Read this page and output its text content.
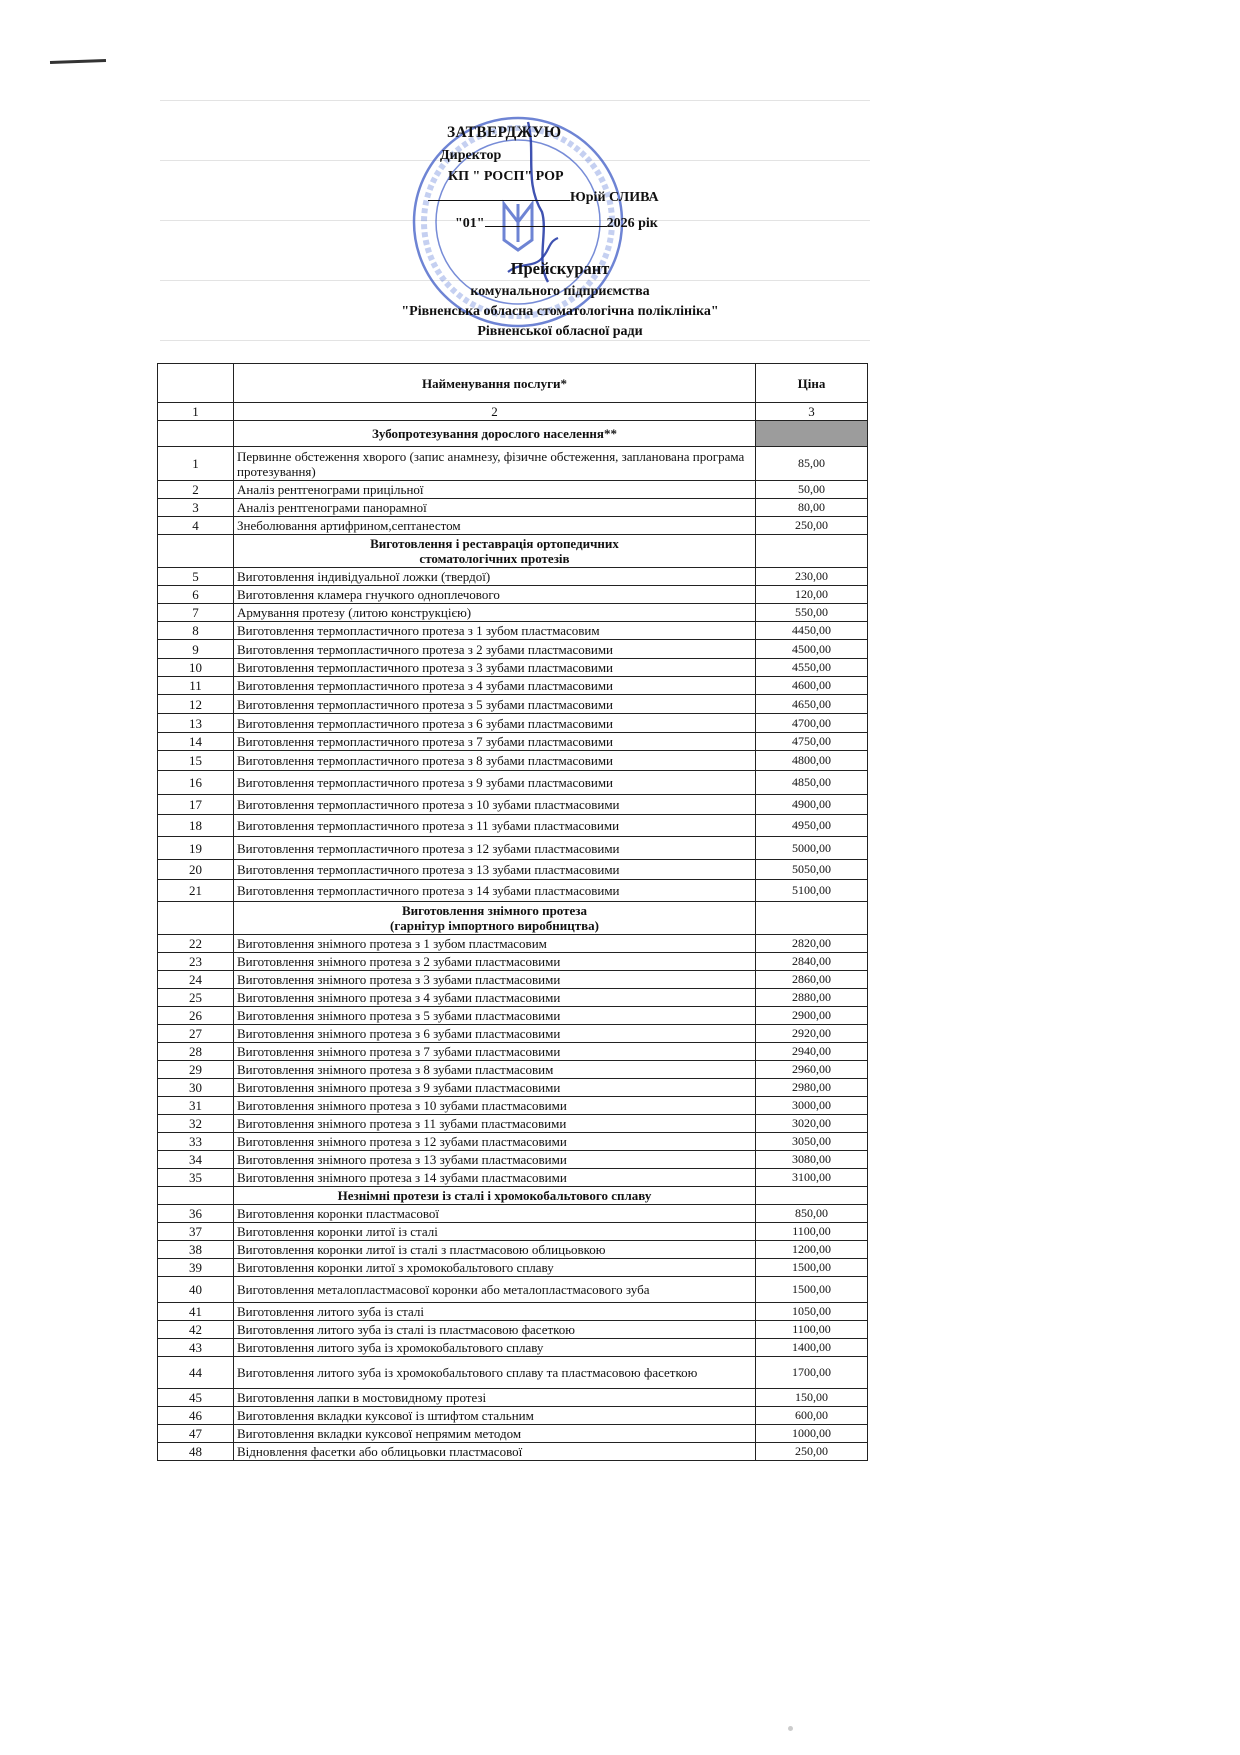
ЗАТВЕРДЖУЮ
Директор
КП " РОСП" РОР
Юрій СЛИВА
"01"	2026 рік
Прейскурант
комунального підприємства
"Рівненська обласна стоматологічна поліклініка"
Рівненської обласної ради
	Найменування послуги*	Ціна
1	2	3

	Зубопротезування дорослого населення**	

1	Первинне обстеження хворого (запис анамнезу, фізичне обстеження, запланована програма протезування)	85,00
2	Аналіз рентгенограми прицільної	50,00
3	Аналіз рентгенограми панорамної	80,00
4	Знеболювання артифрином,септанестом	250,00

	Виготовлення і реставрація ортопедичних
стоматологічних протезів	

5	Виготовлення індивідуальної ложки (твердої)	230,00
6	Виготовлення кламера гнучкого одноплечового	120,00
7	Армування протезу (литою конструкцією)	550,00
8	Виготовлення термопластичного протеза з 1 зубом пластмасовим	4450,00
9	Виготовлення термопластичного протеза з 2 зубами пластмасовими	4500,00
10	Виготовлення термопластичного протеза з 3 зубами пластмасовими	4550,00
11	Виготовлення термопластичного протеза з 4 зубами пластмасовими	4600,00
12	Виготовлення термопластичного протеза з 5 зубами пластмасовими	4650,00
13	Виготовлення термопластичного протеза з 6 зубами пластмасовими	4700,00
14	Виготовлення термопластичного протеза з 7 зубами пластмасовими	4750,00
15	Виготовлення термопластичного протеза з 8 зубами пластмасовими	4800,00
16	Виготовлення термопластичного протеза з 9 зубами пластмасовими	4850,00
17	Виготовлення термопластичного протеза з 10 зубами пластмасовими	4900,00
18	Виготовлення термопластичного протеза з 11 зубами пластмасовими	4950,00
19	Виготовлення термопластичного протеза з 12 зубами пластмасовими	5000,00
20	Виготовлення термопластичного протеза з 13 зубами пластмасовими	5050,00
21	Виготовлення термопластичного протеза з 14 зубами пластмасовими	5100,00

	Виготовлення знімного протеза
(гарнітур імпортного виробництва)	

22	Виготовлення знімного протеза з 1 зубом пластмасовим	2820,00
23	Виготовлення знімного протеза з 2 зубами пластмасовими	2840,00
24	Виготовлення знімного протеза з 3 зубами пластмасовими	2860,00
25	Виготовлення знімного протеза з 4 зубами пластмасовими	2880,00
26	Виготовлення знімного протеза з 5 зубами пластмасовими	2900,00
27	Виготовлення знімного протеза з 6 зубами пластмасовими	2920,00
28	Виготовлення знімного протеза з 7 зубами пластмасовими	2940,00
29	Виготовлення знімного протеза з 8 зубами пластмасовим	2960,00
30	Виготовлення знімного протеза з 9 зубами пластмасовими	2980,00
31	Виготовлення знімного протеза з 10 зубами пластмасовими	3000,00
32	Виготовлення знімного протеза з 11 зубами пластмасовими	3020,00
33	Виготовлення знімного протеза з 12 зубами пластмасовими	3050,00
34	Виготовлення знімного протеза з 13 зубами пластмасовими	3080,00
35	Виготовлення знімного протеза з 14 зубами пластмасовими	3100,00

	Незнімні протези із сталі і хромокобальтового сплаву	

36	Виготовлення коронки пластмасової	850,00
37	Виготовлення коронки литої із сталі	1100,00
38	Виготовлення коронки литої із сталі з пластмасовою облицьовкою	1200,00
39	Виготовлення коронки литої з хромокобальтового сплаву	1500,00
40	Виготовлення металопластмасової коронки або металопластмасового зуба	1500,00
41	Виготовлення литого зуба із сталі	1050,00
42	Виготовлення литого зуба із сталі із пластмасовою фасеткою	1100,00
43	Виготовлення литого зуба із хромокобальтового сплаву	1400,00
44	Виготовлення литого зуба із хромокобальтового сплаву та пластмасовою фасеткою	1700,00
45	Виготовлення лапки в мостовидному протезі	150,00
46	Виготовлення вкладки куксової із штифтом стальним	600,00
47	Виготовлення вкладки куксової непрямим методом	1000,00
48	Відновлення фасетки або облицьовки пластмасової	250,00
